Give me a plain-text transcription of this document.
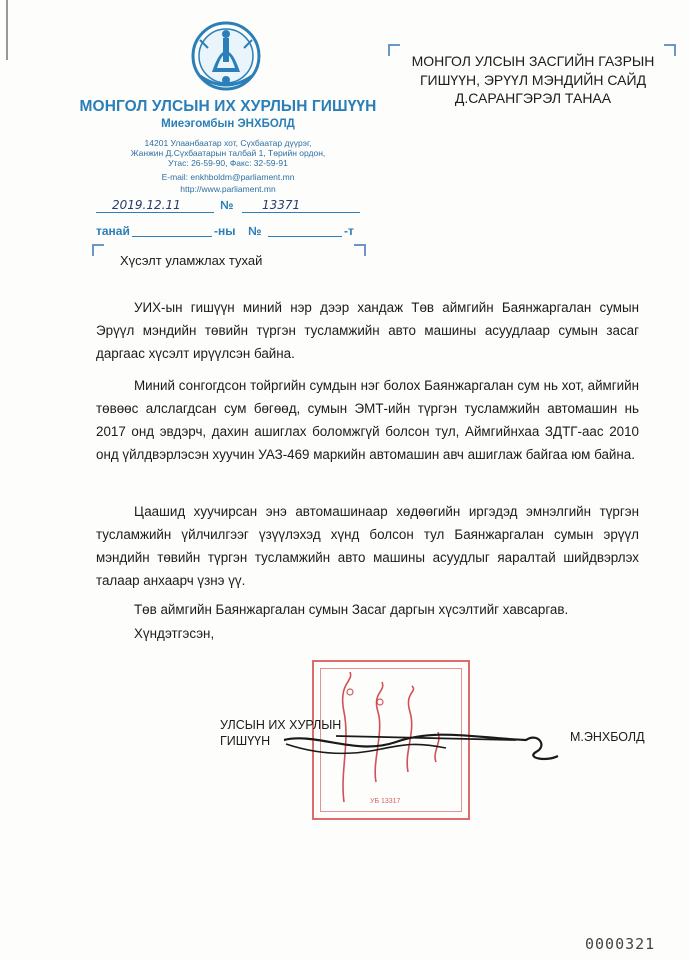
МОНГОЛ УЛСЫН ИХ ХУРЛЫН ГИШҮҮН
Миеэгомбын ЭНХБОЛД
14201 Улаанбаатар хот, Сүхбаатар дүүрэг,
Жанжин Д.Сүхбаатарын талбай 1, Төрийн ордон,
Утас: 26-59-90, Факс: 32-59-91
E-mail: enkhboldm@parliament.mn
http://www.parliament.mn
МОНГОЛ УЛСЫН ЗАСГИЙН ГАЗРЫН
ГИШҮҮН, ЭРҮҮЛ МЭНДИЙН САЙД
Д.САРАНГЭРЭЛ ТАНАА
2019.12.11	№ 13371
танай	-ны №	-т
Хүсэлт уламжлах тухай
УИХ-ын гишүүн миний нэр дээр хандаж Төв аймгийн Баянжаргалан сумын Эрүүл мэндийн төвийн түргэн тусламжийн авто машины асуудлаар сумын засаг даргаас хүсэлт ирүүлсэн байна.
Миний сонгогдсон тойргийн сумдын нэг болох Баянжаргалан сум нь хот, аймгийн төвөөс алслагдсан сум бөгөөд, сумын ЭМТ-ийн түргэн тусламжийн автомашин нь 2017 онд эвдэрч, дахин ашиглах боломжгүй болсон тул, Аймгийнхаа ЗДТГ-аас 2010 онд үйлдвэрлэсэн хуучин УАЗ-469 маркийн автомашин авч ашиглаж байгаа юм байна.
Цаашид хуучирсан энэ автомашинаар хөдөөгийн иргэдэд эмнэлгийн түргэн тусламжийн үйлчилгээг үзүүлэхэд хүнд болсон тул Баянжаргалан сумын эрүүл мэндийн төвийн түргэн тусламжийн авто машины асуудлыг яаралтай шийдвэрлэх талаар анхаарч үзнэ үү.
Төв аймгийн Баянжаргалан сумын Засаг даргын хүсэлтийг хавсаргав.
Хүндэтгэсэн,
УБ 13317
УЛСЫН ИХ ХУРЛЫН
ГИШҮҮН	М.ЭНХБОЛД
0000321
